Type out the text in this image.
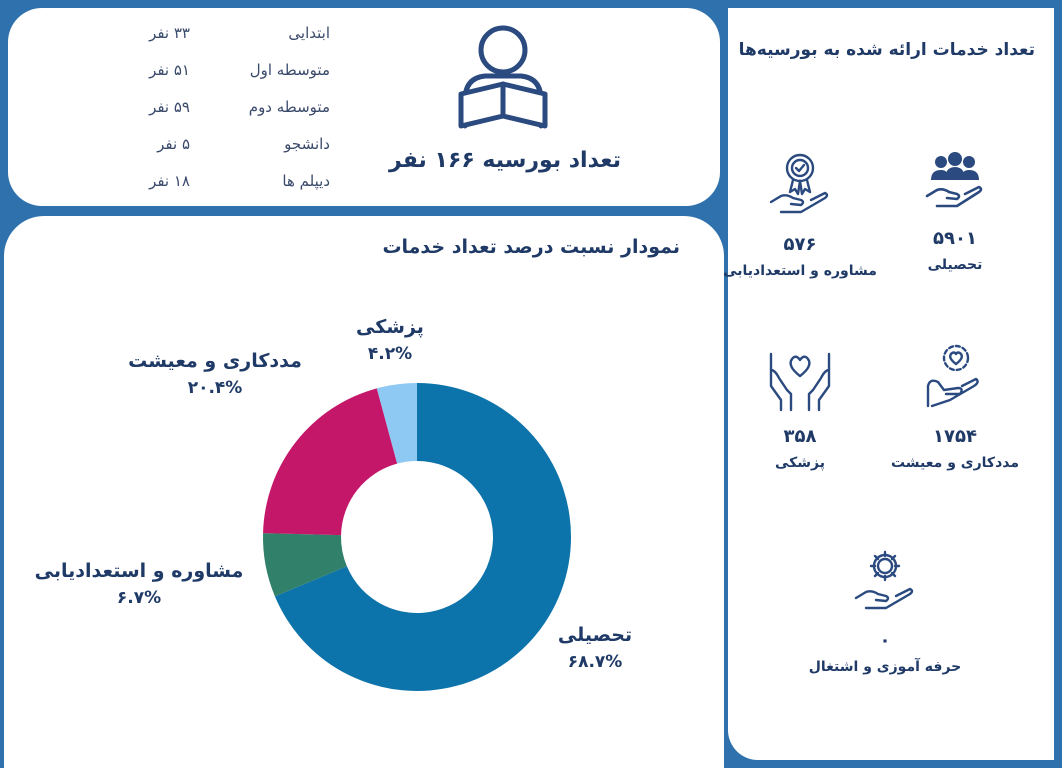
ابتدایی
۳۳ نفر
متوسطه اول
۵۱ نفر
متوسطه دوم
۵۹ نفر
دانشجو
۵ نفر
دیپلم ها
۱۸ نفر
تعداد بورسیه ۱۶۶ نفر
تعداد خدمات ارائه شده به بورسیه‌ها
۵۹۰۱
تحصیلی
۵۷۶
مشاوره و استعدادیابی
۱۷۵۴
مددکاری و معیشت
۳۵۸
پزشکی
۰
حرفه آموزی و اشتغال
نمودار نسبت درصد تعداد خدمات
پزشکی
۴.۲%
مددکاری و معیشت
۲۰.۴%
مشاوره و استعدادیابی
۶.۷%
تحصیلی
۶۸.۷%
